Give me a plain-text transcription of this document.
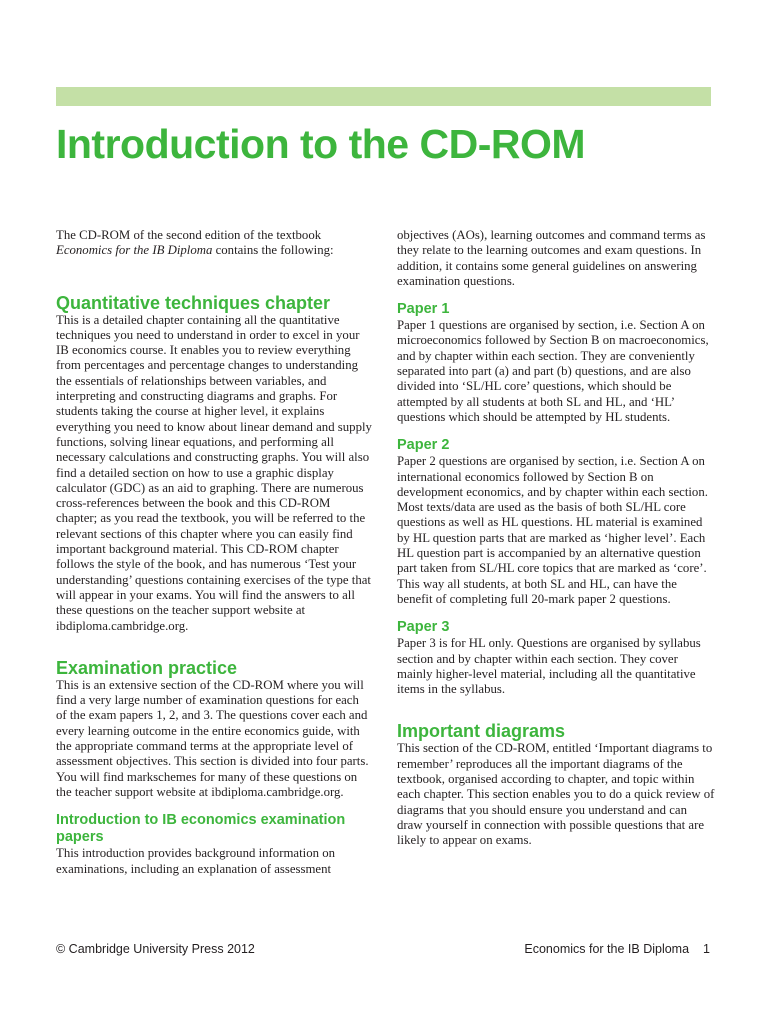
Introduction to the CD-ROM

The CD-ROM of the second edition of the textbook Economics for the IB Diploma contains the following:

Quantitative techniques chapter

This is a detailed chapter containing all the quantitative techniques you need to understand in order to excel in your IB economics course. It enables you to review everything from percentages and percentage changes to understanding the essentials of relationships between variables, and interpreting and constructing diagrams and graphs. For students taking the course at higher level, it explains everything you need to know about linear demand and supply functions, solving linear equations, and performing all necessary calculations and constructing graphs. You will also find a detailed section on how to use a graphic display calculator (GDC) as an aid to graphing. There are numerous cross-references between the book and this CD-ROM chapter; as you read the textbook, you will be referred to the relevant sections of this chapter where you can easily find important background material. This CD-ROM chapter follows the style of the book, and has numerous ‘Test your understanding’ questions containing exercises of the type that will appear in your exams. You will find the answers to all these questions on the teacher support website at ibdiploma.cambridge.org.

Examination practice

This is an extensive section of the CD-ROM where you will find a very large number of examination questions for each of the exam papers 1, 2, and 3. The questions cover each and every learning outcome in the entire economics guide, with the appropriate command terms at the appropriate level of assessment objectives. This section is divided into four parts. You will find markschemes for many of these questions on the teacher support website at ibdiploma.cambridge.org.

Introduction to IB economics examination papers

This introduction provides background information on examinations, including an explanation of assessment

objectives (AOs), learning outcomes and command terms as they relate to the learning outcomes and exam questions. In addition, it contains some general guidelines on answering examination questions.

Paper 1

Paper 1 questions are organised by section, i.e. Section A on microeconomics followed by Section B on macroeconomics, and by chapter within each section. They are conveniently separated into part (a) and part (b) questions, and are also divided into ‘SL/HL core’ questions, which should be attempted by all students at both SL and HL, and ‘HL’ questions which should be attempted by HL students.

Paper 2

Paper 2 questions are organised by section, i.e. Section A on international economics followed by Section B on development economics, and by chapter within each section. Most texts/data are used as the basis of both SL/HL core questions as well as HL questions. HL material is examined by HL question parts that are marked as ‘higher level’. Each HL question part is accompanied by an alternative question part taken from SL/HL core topics that are marked as ‘core’. This way all students, at both SL and HL, can have the benefit of completing full 20-mark paper 2 questions.

Paper 3

Paper 3 is for HL only. Questions are organised by syllabus section and by chapter within each section. They cover mainly higher-level material, including all the quantitative items in the syllabus.

Important diagrams

This section of the CD-ROM, entitled ‘Important diagrams to remember’ reproduces all the important diagrams of the textbook, organised according to chapter, and topic within each chapter. This section enables you to do a quick review of diagrams that you should ensure you understand and can draw yourself in connection with possible questions that are likely to appear on exams.

© Cambridge University Press 2012	Economics for the IB Diploma 1
